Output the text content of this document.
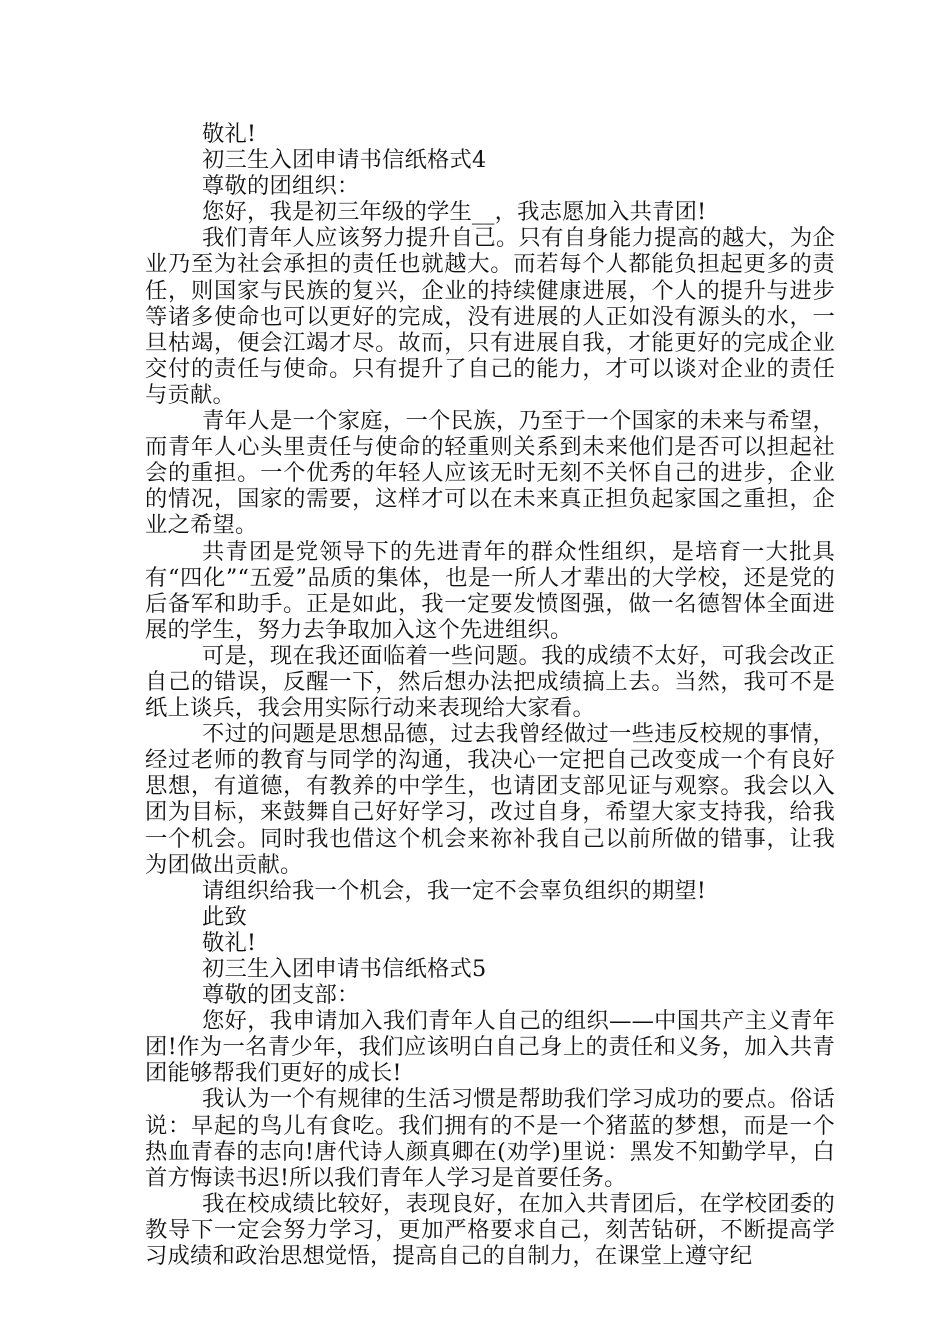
敬礼!
初三生入团申请书信纸格式4
尊敬的团组织：
您好，我是初三年级的学生__，我志愿加入共青团!

我们青年人应该努力提升自己。只有自身能力提高的越大，为企业乃至为社会承担的责任也就越大。而若每个人都能负担起更多的责任，则国家与民族的复兴，企业的持续健康进展，个人的提升与进步等诸多使命也可以更好的完成，没有进展的人正如没有源头的水，一旦枯竭，便会江竭才尽。故而，只有进展自我，才能更好的完成企业交付的责任与使命。只有提升了自己的能力，才可以谈对企业的责任与贡献。

青年人是一个家庭，一个民族，乃至于一个国家的未来与希望，而青年人心头里责任与使命的轻重则关系到未来他们是否可以担起社会的重担。一个优秀的年轻人应该无时无刻不关怀自己的进步，企业的情况，国家的需要，这样才可以在未来真正担负起家国之重担，企业之希望。

共青团是党领导下的先进青年的群众性组织，是培育一大批具有“四化”“五爱”品质的集体，也是一所人才辈出的大学校，还是党的后备军和助手。正是如此，我一定要发愤图强，做一名德智体全面进展的学生，努力去争取加入这个先进组织。

可是，现在我还面临着一些问题。我的成绩不太好，可我会改正自己的错误，反醒一下，然后想办法把成绩搞上去。当然，我可不是纸上谈兵，我会用实际行动来表现给大家看。

不过的问题是思想品德，过去我曾经做过一些违反校规的事情，经过老师的教育与同学的沟通，我决心一定把自己改变成一个有良好思想，有道德，有教养的中学生，也请团支部见证与观察。我会以入团为目标，来鼓舞自己好好学习，改过自身，希望大家支持我，给我一个机会。同时我也借这个机会来祢补我自己以前所做的错事，让我为团做出贡献。

请组织给我一个机会，我一定不会辜负组织的期望!
此致
敬礼!
初三生入团申请书信纸格式5
尊敬的团支部：

您好，我申请加入我们青年人自己的组织——中国共产主义青年团!作为一名青少年，我们应该明白自己身上的责任和义务，加入共青团能够帮我们更好的成长!

我认为一个有规律的生活习惯是帮助我们学习成功的要点。俗话说：早起的鸟儿有食吃。我们拥有的不是一个猪蓝的梦想，而是一个热血青春的志向!唐代诗人颜真卿在(劝学)里说：黑发不知勤学早，白首方悔读书迟!所以我们青年人学习是首要任务。

我在校成绩比较好，表现良好，在加入共青团后，在学校团委的教导下一定会努力学习，更加严格要求自己，刻苦钻研，不断提高学习成绩和政治思想觉悟，提高自己的自制力，在课堂上遵守纪
